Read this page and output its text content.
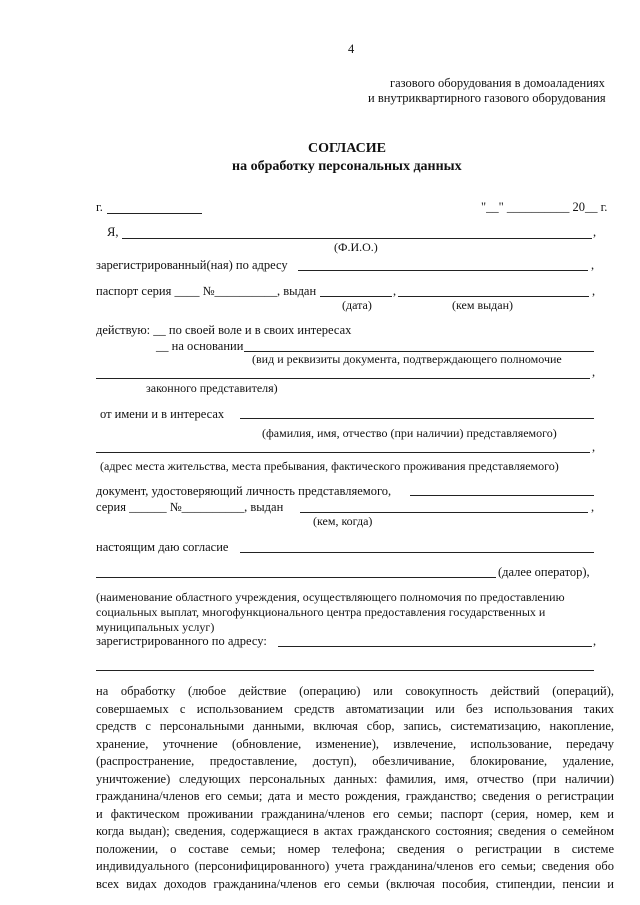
4
газового оборудования в домоаладениях
и внутриквартирного газового оборудования
СОГЛАСИЕ
на обработку персональных данных
г.	"__" __________ 20__ г.
Я,	,
(Ф.И.О.)
зарегистрированный(ная) по адресу	,
паспорт серия ____ №__________, выдан	,	,
(дата)	(кем выдан)
действую: __ по своей воле и в своих интересах
__ на основании
(вид и реквизиты документа, подтверждающего полномочие
,
законного представителя)
от имени и в интересах
(фамилия, имя, отчество (при наличии) представляемого)
,
(адрес места жительства, места пребывания, фактического проживания представляемого)
документ, удостоверяющий личность представляемого,
серия ______ №__________, выдан	,
(кем, когда)
настоящим даю согласие
(далее оператор),
(наименование областного учреждения, осуществляющего полномочия по предоставлению
социальных выплат, многофункционального центра предоставления государственных и
муниципальных услуг)
зарегистрированного по адресу:	,
на обработку (любое действие (операцию) или совокупность действий (операций),
совершаемых с использованием средств автоматизации или без использования таких
средств с персональными данными, включая сбор, запись, систематизацию, накопление,
хранение, уточнение (обновление, изменение), извлечение, использование, передачу
(распространение, предоставление, доступ), обезличивание, блокирование, удаление,
уничтожение) следующих персональных данных: фамилия, имя, отчество (при наличии)
гражданина/членов его семьи; дата и место рождения, гражданство; сведения о регистрации
и фактическом проживании гражданина/членов его семьи; паспорт (серия, номер, кем и
когда выдан); сведения, содержащиеся в актах гражданского состояния; сведения о семейном
положении, о составе семьи; номер телефона; сведения о регистрации в системе
индивидуального (персонифицированного) учета гражданина/членов его семьи; сведения обо
всех видах доходов гражданина/членов его семьи (включая пособия, стипендии, пенсии и
